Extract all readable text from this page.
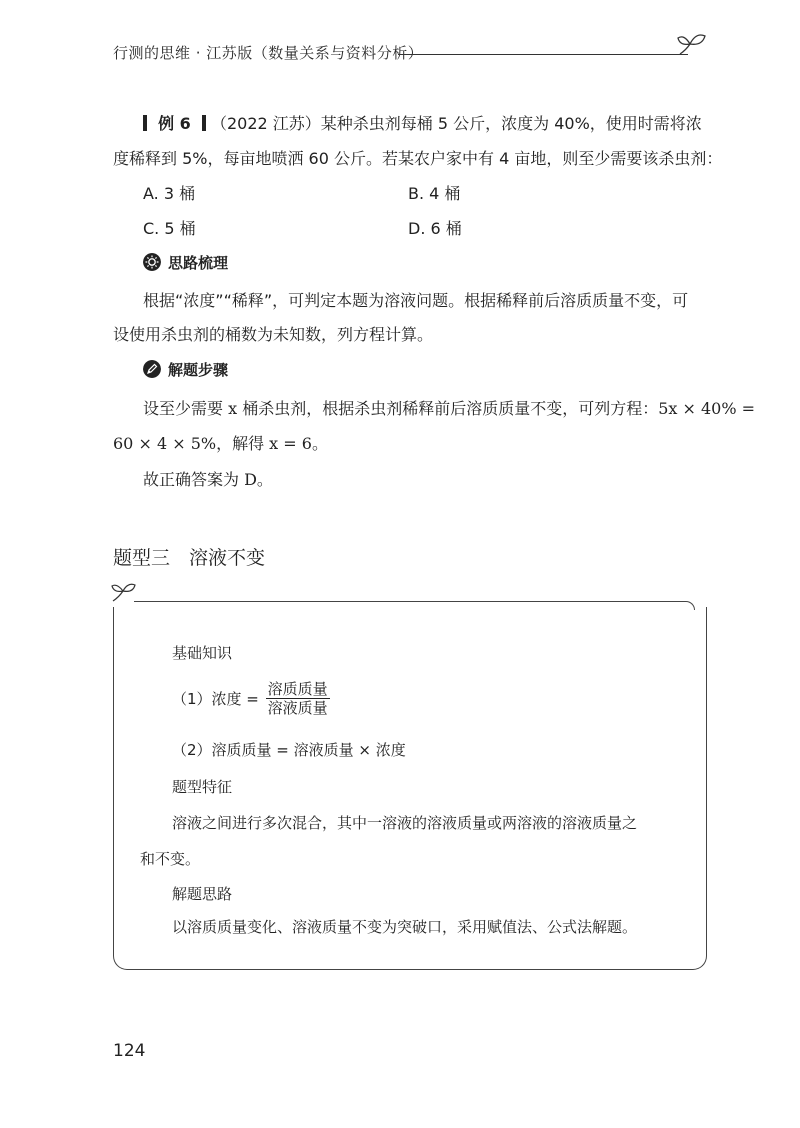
行测的思维 · 江苏版（数量关系与资料分析）
例 6 （2022 江苏）某种杀虫剂每桶 5 公斤，浓度为 40%，使用时需将浓
度稀释到 5%，每亩地喷洒 60 公斤。若某农户家中有 4 亩地，则至少需要该杀虫剂：
A. 3 桶	B. 4 桶
C. 5 桶	D. 6 桶
思路梳理
根据“浓度”“稀释”，可判定本题为溶液问题。根据稀释前后溶质质量不变，可
设使用杀虫剂的桶数为未知数，列方程计算。
解题步骤
设至少需要 x 桶杀虫剂，根据杀虫剂稀释前后溶质质量不变，可列方程：5x × 40% =
60 × 4 × 5%，解得 x = 6。
故正确答案为 D。
题型三　溶液不变
基础知识
（1）浓度 = $\frac{\text{溶质质量}}{\text{溶液质量}}$
（2）溶质质量 = 溶液质量 × 浓度
题型特征
溶液之间进行多次混合，其中一溶液的溶液质量或两溶液的溶液质量之
和不变。
解题思路
以溶质质量变化、溶液质量不变为突破口，采用赋值法、公式法解题。
124
